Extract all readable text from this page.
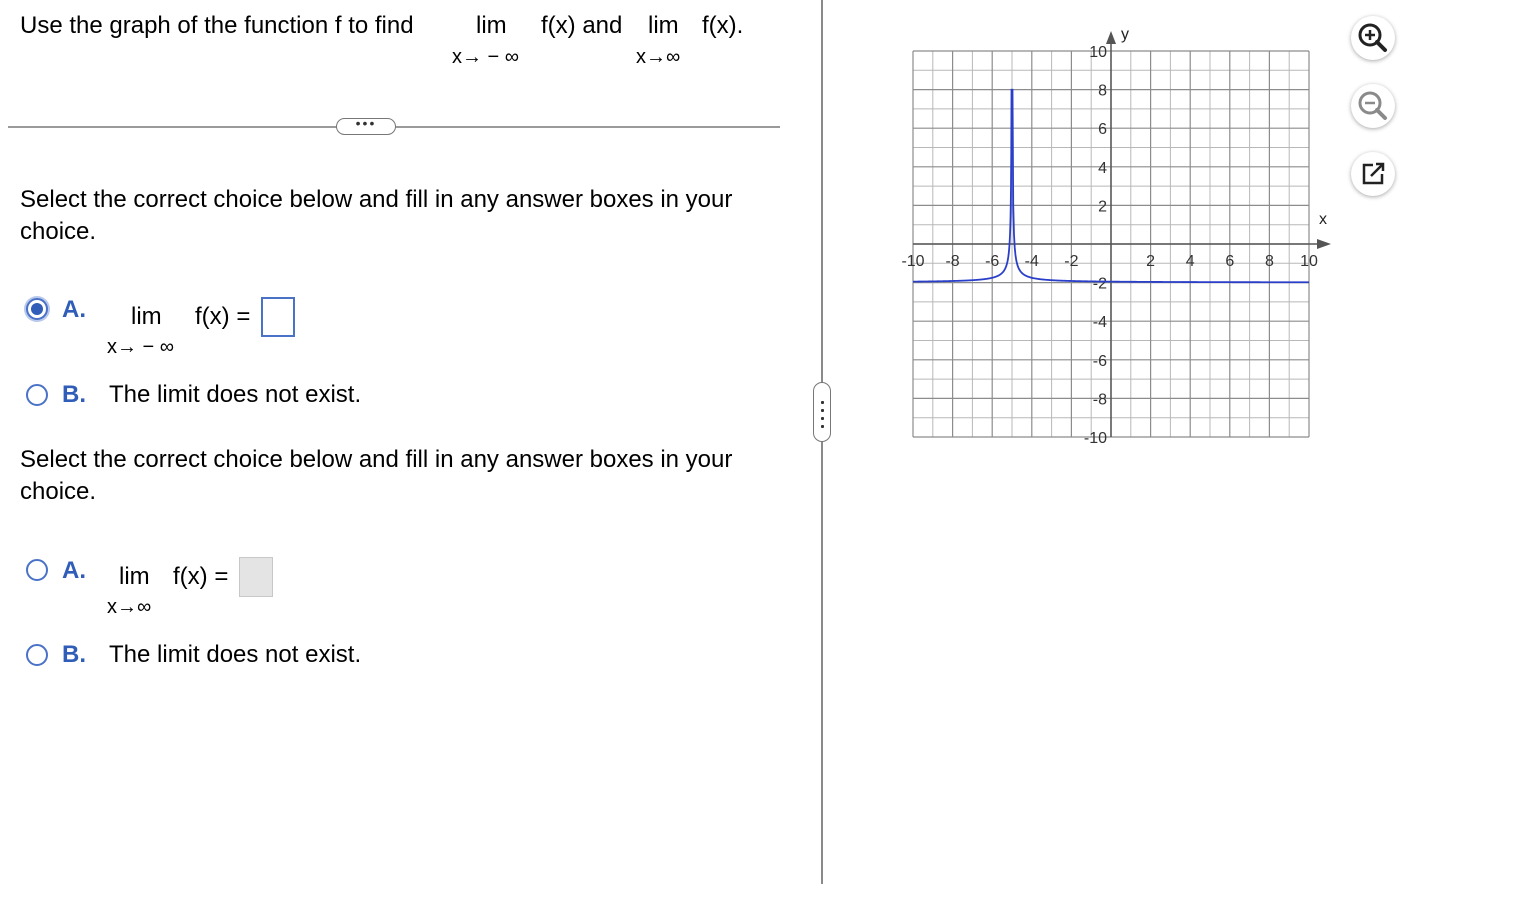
Use the graph of the function f to find	lim
x→ − ∞
f(x) and lim
x→∞
f(x).
•••
Select the correct choice below and fill in any answer boxes in your choice.
A. lim
x→ − ∞
f(x) =
B. The limit does not exist.
Select the correct choice below and fill in any answer boxes in your choice.
A. lim
x→∞
f(x) =
B. The limit does not exist.
x
y
-10 -8 -6 -4 -2	2 4 6 8 10
10
8
6
4
2
-2
-4
-6
-8
-10
